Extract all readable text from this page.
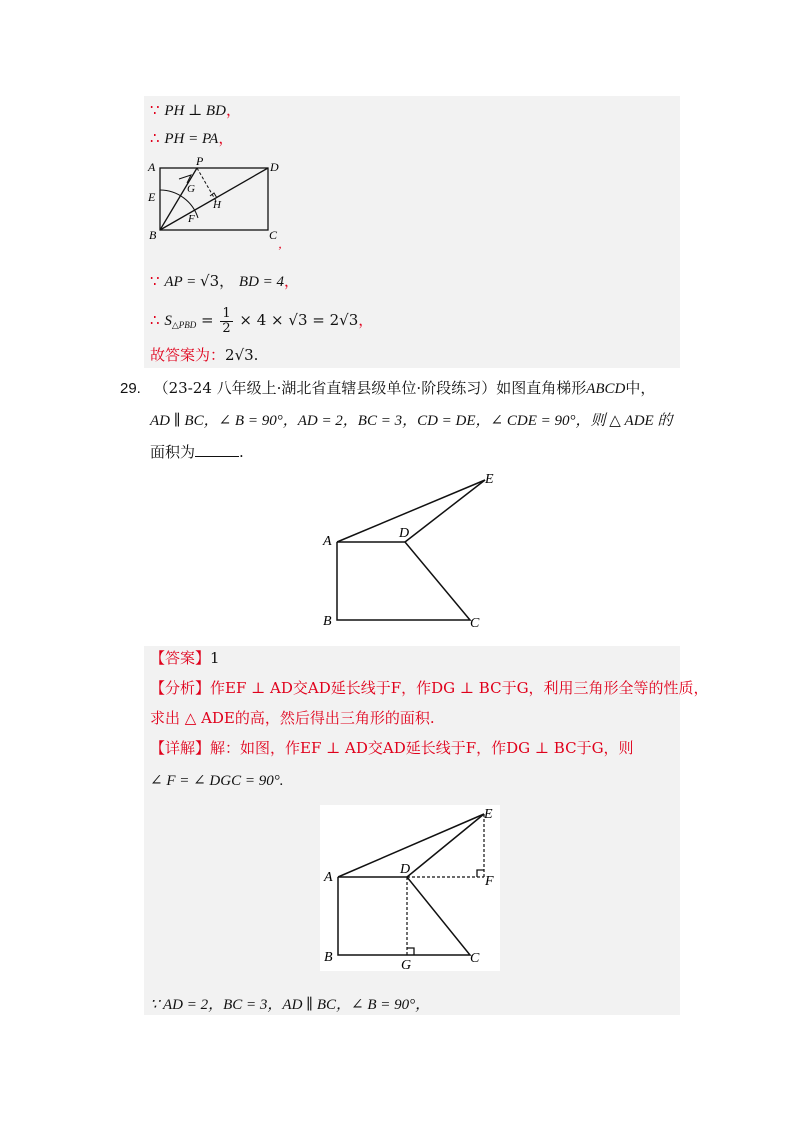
∵ PH ⊥ BD，
∴ PH = PA，
A	P	D
G
E
H
F
B	C
，
∵ AP = √3， BD = 4，
∴ $S_{\triangle PBD} = \frac{1}{2} \times 4 \times √3 = 2√3$，
故答案为：2√3.
29. （23-24 八年级上·湖北省直辖县级单位·阶段练习）如图直角梯形ABCD中，
AD ∥ BC，∠ B = 90°，AD = 2，BC = 3，CD = DE，∠ CDE = 90°，则 △ ADE 的
面积为	.
A
B	C
D
E
【答案】1
【分析】作EF ⊥ AD交AD延长线于F，作DG ⊥ BC于G，利用三角形全等的性质，
求出 △ ADE的高，然后得出三角形的面积.
【详解】解：如图，作EF ⊥ AD交AD延长线于F，作DG ⊥ BC于G，则
∠ F = ∠ DGC = 90°.
A
B	C
D
E
F
G
∵ AD = 2，BC = 3，AD ∥ BC，∠ B = 90°，
